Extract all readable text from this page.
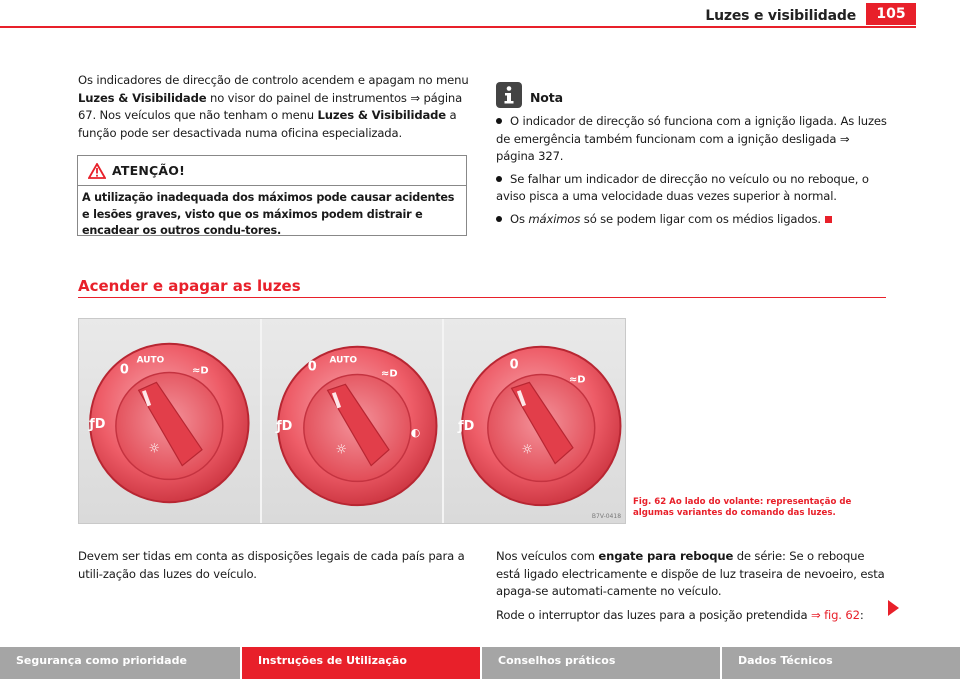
Luzes e visibilidade	105

Os indicadores de direcção de controlo acendem e apagam no menu Luzes & Visibilidade no visor do painel de instrumentos ⇒ página 67. Nos veículos que não tenham o menu Luzes & Visibilidade a função pode ser desactivada numa oficina especializada.

ATENÇÃO!
A utilização inadequada dos máximos pode causar acidentes e lesões graves, visto que os máximos podem distrair e encadear os outros condu-tores.
Nota
O indicador de direcção só funciona com a ignição ligada. As luzes de emergência também funcionam com a ignição desligada ⇒ página 327.
Se falhar um indicador de direcção no veículo ou no reboque, o aviso pisca a uma velocidade duas vezes superior à normal.
Os máximos só se podem ligar com os médios ligados.
Acender e apagar as luzes
AUTO
0	≈D
ƒD
☼
AUTO
0	≈D
ƒD
☼
◐
0
≈D
ƒD
☼
B7V-0418
Fig. 62 Ao lado do volante: representação de algumas variantes do comando das luzes.

Devem ser tidas em conta as disposições legais de cada país para a utili-zação das luzes do veículo.

Nos veículos com engate para reboque de série: Se o reboque está ligado electricamente e dispõe de luz traseira de nevoeiro, esta apaga-se automati-camente no veículo.

Rode o interruptor das luzes para a posição pretendida ⇒ fig. 62:

Segurança como prioridade	Instruções de Utilização	Conselhos práticos	Dados Técnicos
